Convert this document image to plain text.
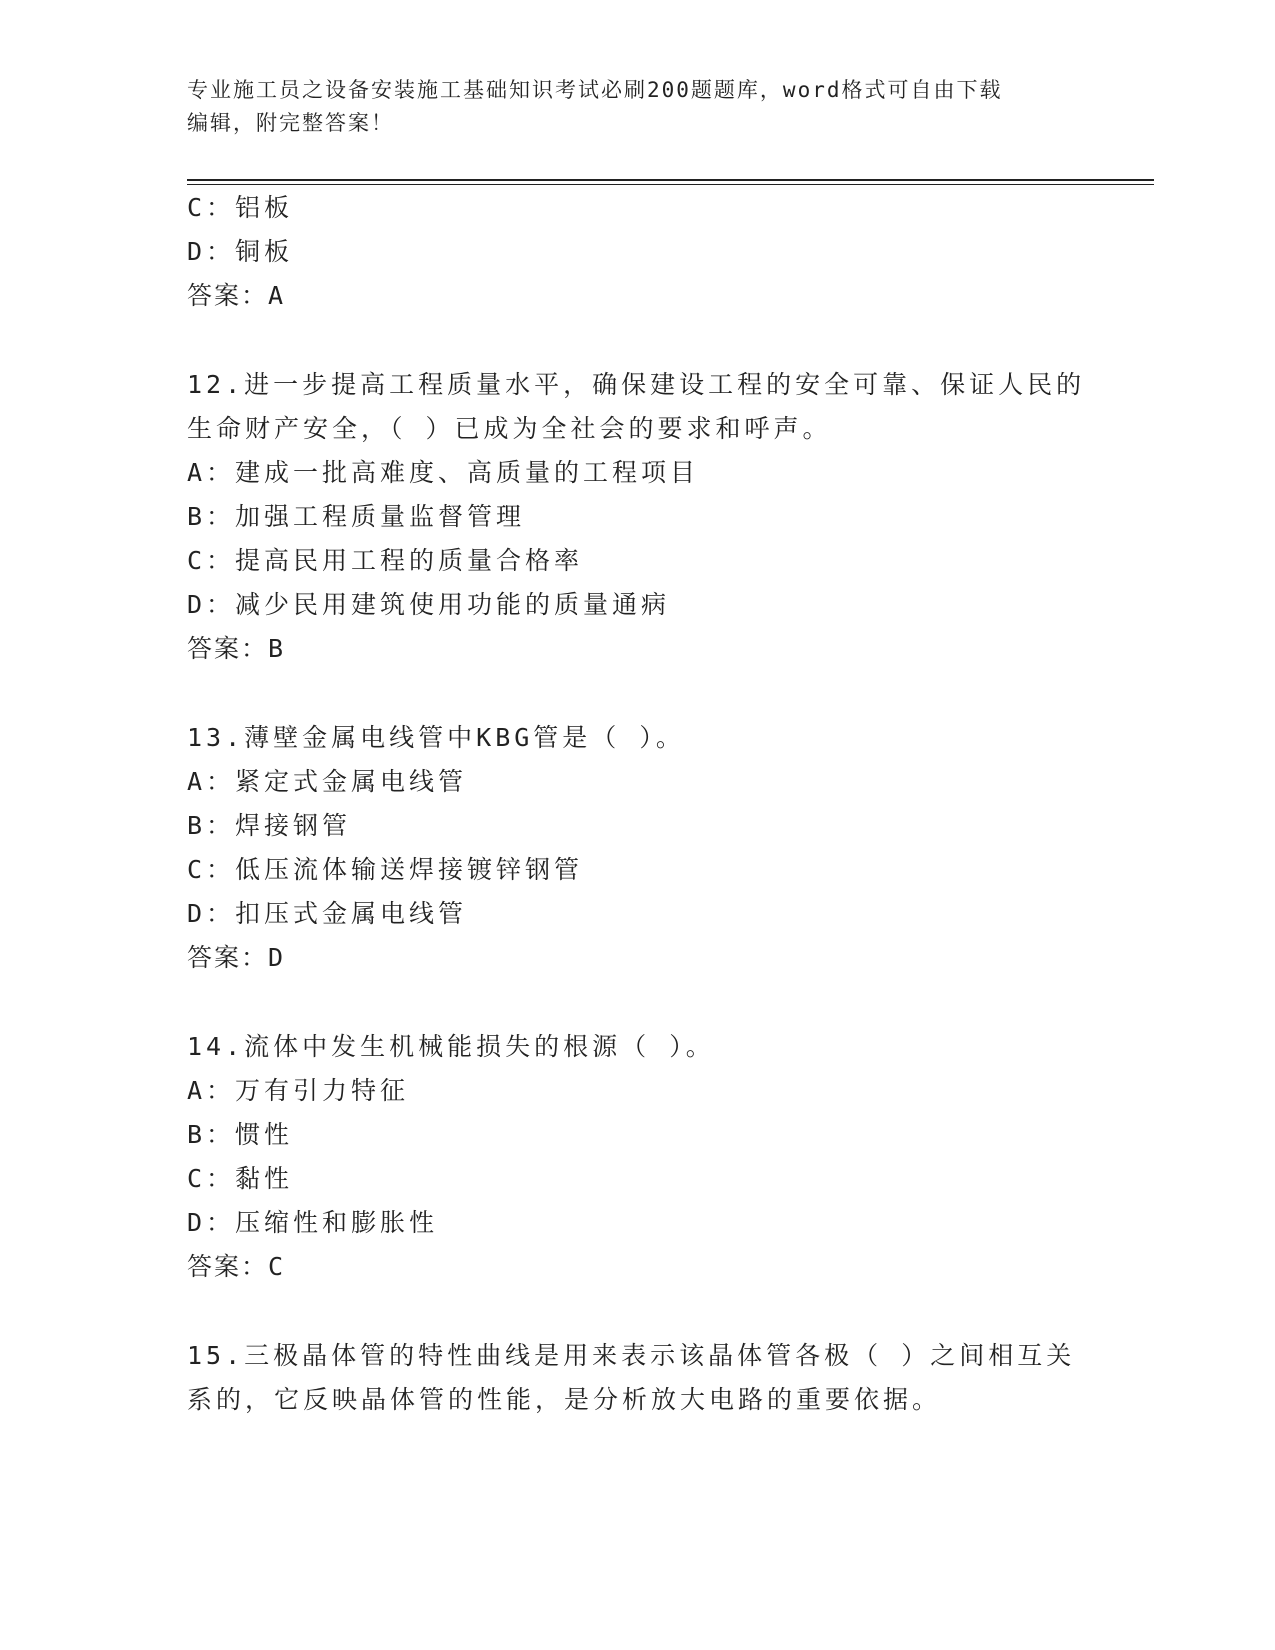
专业施工员之设备安装施工基础知识考试必刷200题题库，word格式可自由下载
编辑，附完整答案！
C：铝板
D：铜板
答案：A
12.进一步提高工程质量水平，确保建设工程的安全可靠、保证人民的
生命财产安全，（ ）已成为全社会的要求和呼声。
A：建成一批高难度、高质量的工程项目
B：加强工程质量监督管理
C：提高民用工程的质量合格率
D：减少民用建筑使用功能的质量通病
答案：B
13.薄壁金属电线管中KBG管是（ ）。
A：紧定式金属电线管
B：焊接钢管
C：低压流体输送焊接镀锌钢管
D：扣压式金属电线管
答案：D
14.流体中发生机械能损失的根源（ ）。
A：万有引力特征
B：惯性
C：黏性
D：压缩性和膨胀性
答案：C
15.三极晶体管的特性曲线是用来表示该晶体管各极（ ）之间相互关
系的，它反映晶体管的性能，是分析放大电路的重要依据。
